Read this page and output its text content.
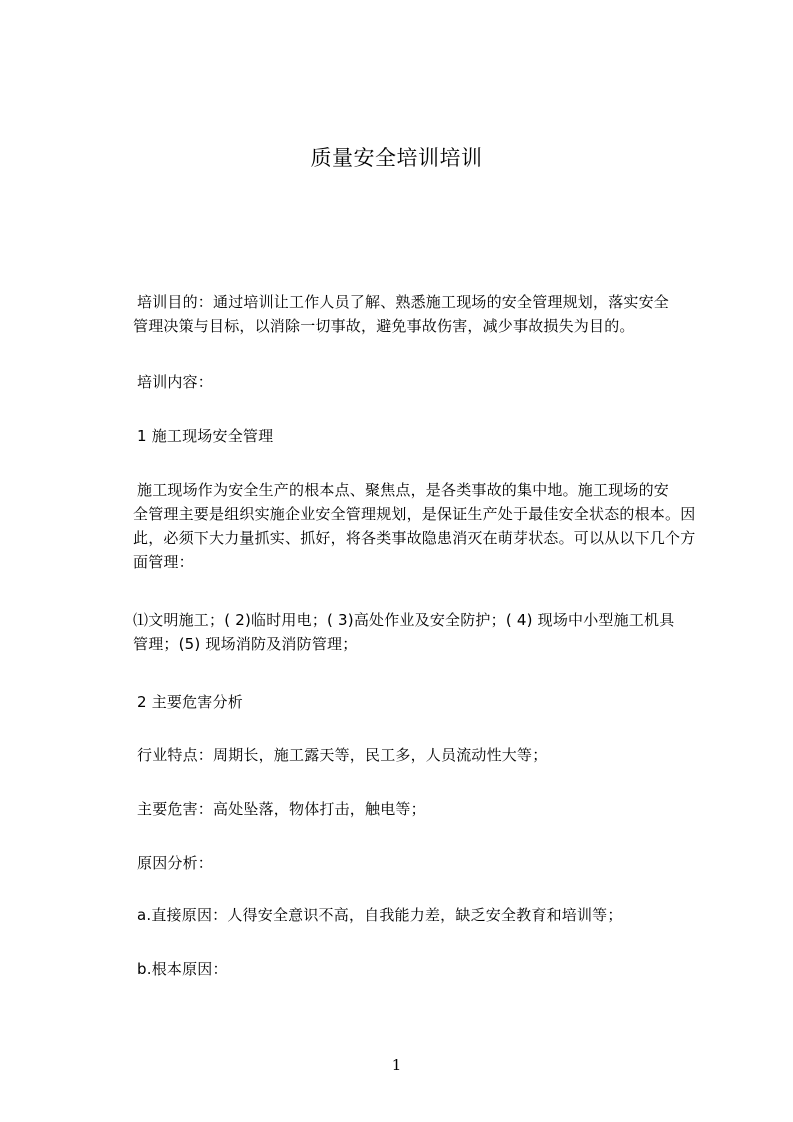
质量安全培训培训
培训目的：通过培训让工作人员了解、熟悉施工现场的安全管理规划，落实安全
管理决策与目标，以消除一切事故，避免事故伤害，减少事故损失为目的。
培训内容：
1 施工现场安全管理
施工现场作为安全生产的根本点、聚焦点，是各类事故的集中地。施工现场的安
全管理主要是组织实施企业安全管理规划，是保证生产处于最佳安全状态的根本。因
此，必须下大力量抓实、抓好，将各类事故隐患消灭在萌芽状态。可以从以下几个方
面管理：
⑴文明施工；( 2)临时用电；( 3)高处作业及安全防护；( 4) 现场中小型施工机具
管理；(5) 现场消防及消防管理；
2 主要危害分析
行业特点：周期长，施工露天等，民工多，人员流动性大等；
主要危害：高处坠落，物体打击，触电等；
原因分析：
a.直接原因：人得安全意识不高，自我能力差，缺乏安全教育和培训等；
b.根本原因：
1
